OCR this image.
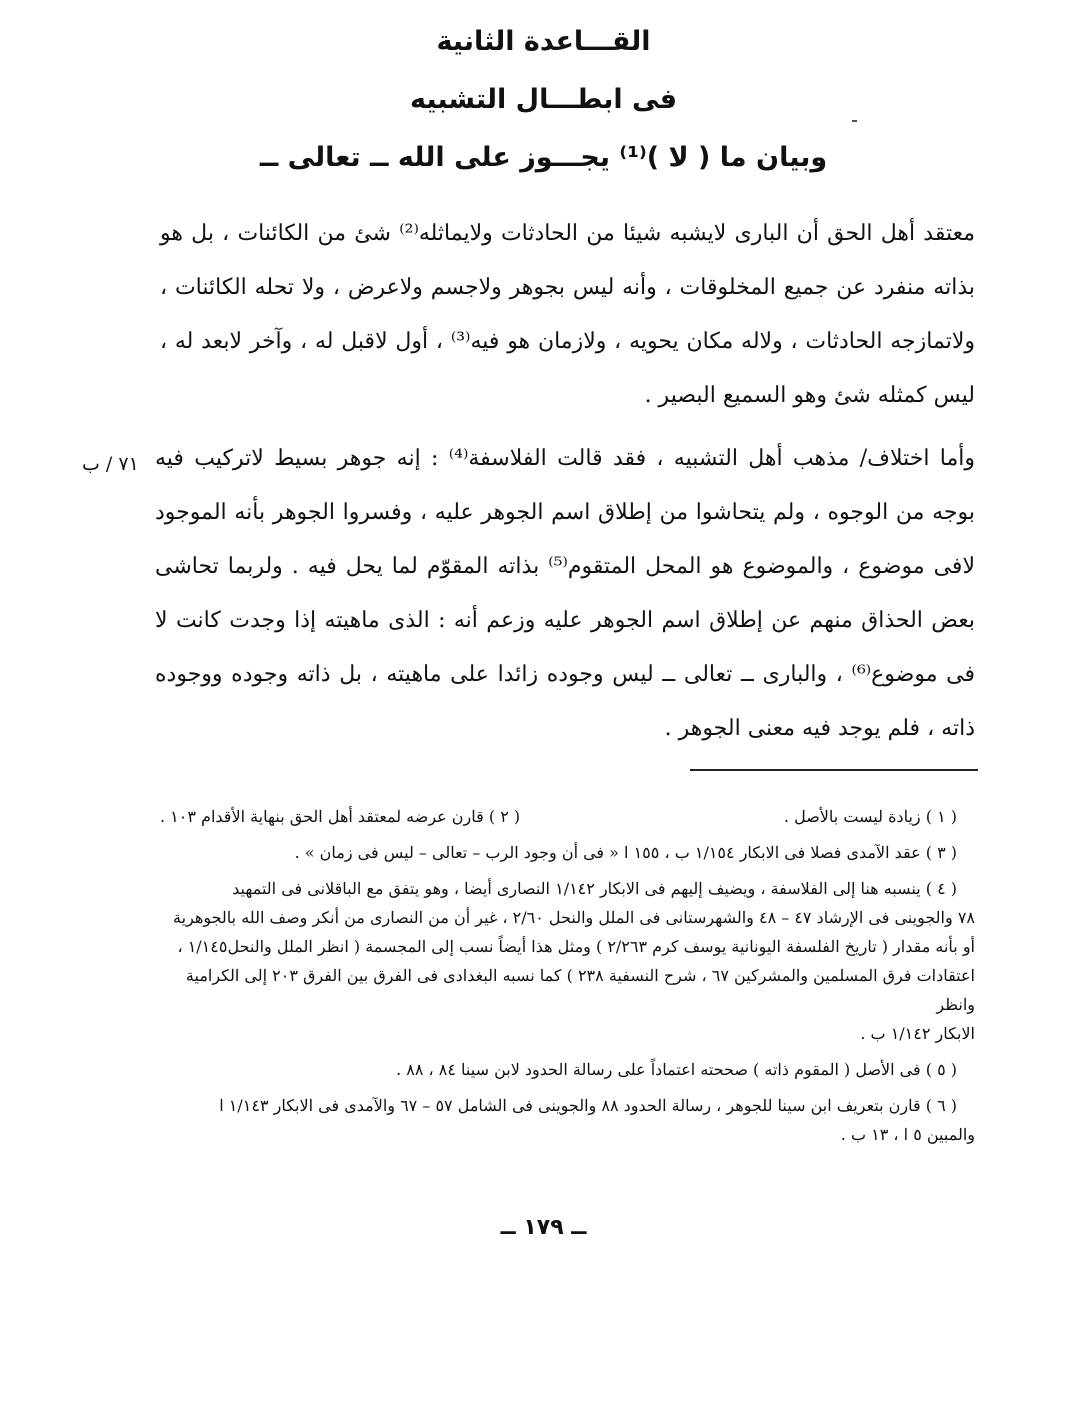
القـــاعدة الثانية
فى ابطـــال التشبيه
وبيان ما ( لا )⁽¹⁾ يجـــوز على الله ــ تعالى ــ
معتقد أهل الحق أن البارى لايشبه شيئا من الحادثات ولايماثله⁽²⁾ شئ من الكائنات ، بل هو بذاته منفرد عن جميع المخلوقات ، وأنه ليس بجوهر ولاجسم ولاعرض ، ولا تحله الكائنات ، ولاتمازجه الحادثات ، ولاله مكان يحويه ، ولازمان هو فيه⁽³⁾ ، أول لاقبل له ، وآخر لابعد له ، ليس كمثله شئ وهو السميع البصير .
٧١ / ب وأما اختلاف/ مذهب أهل التشبيه ، فقد قالت الفلاسفة⁽⁴⁾ : إنه جوهر بسيط لاتركيب فيه بوجه من الوجوه ، ولم يتحاشوا من إطلاق اسم الجوهر عليه ، وفسروا الجوهر بأنه الموجود لافى موضوع ، والموضوع هو المحل المتقوم⁽⁵⁾ بذاته المقوّم لما يحل فيه . ولربما تحاشى بعض الحذاق منهم عن إطلاق اسم الجوهر عليه وزعم أنه : الذى ماهيته إذا وجدت كانت لا فى موضوع⁽⁶⁾ ، والبارى ــ تعالى ــ ليس وجوده زائدا على ماهيته ، بل ذاته وجوده ووجوده ذاته ، فلم يوجد فيه معنى الجوهر .
( ١ ) زيادة ليست بالأصل .
( ٢ ) قارن عرضه لمعتقد أهل الحق بنهاية الأقدام ١٠٣ .
( ٣ ) عقد الآمدى فصلا فى الابكار ١/١٥٤ ب ، ١٥٥ ا « فى أن وجود الرب – تعالى – ليس فى زمان » .
( ٤ ) ينسبه هنا إلى الفلاسفة ، ويضيف إليهم فى الابكار ١/١٤٢ النصارى أيضا ، وهو يتفق مع الباقلانى فى التمهيد
٧٨ والجوينى فى الإرشاد ٤٧ – ٤٨ والشهرستانى فى الملل والنحل ٢/٦٠ ، غير أن من النصارى من أنكر وصف الله بالجوهرية
أو بأنه مقدار ( تاريخ الفلسفة اليونانية يوسف كرم ٢/٢٦٣ ) ومثل هذا أيضاً نسب إلى المجسمة ( انظر الملل والنحل١/١٤٥ ،
اعتقادات فرق المسلمين والمشركين ٦٧ ، شرح النسفية ٢٣٨ ) كما نسبه البغدادى فى الفرق بين الفرق ٢٠٣ إلى الكرامية وانظر
الابكار ١/١٤٢ ب .
( ٥ ) فى الأصل ( المقوم ذاته ) صححته اعتماداً على رسالة الحدود لابن سينا ٨٤ ، ٨٨ .
( ٦ ) قارن بتعريف ابن سينا للجوهر ، رسالة الحدود ٨٨ والجوينى فى الشامل ٥٧ – ٦٧ والآمدى فى الابكار ١/١٤٣ ا
والمبين ٥ ا ، ١٣ ب .
ــ ١٧٩ ــ
